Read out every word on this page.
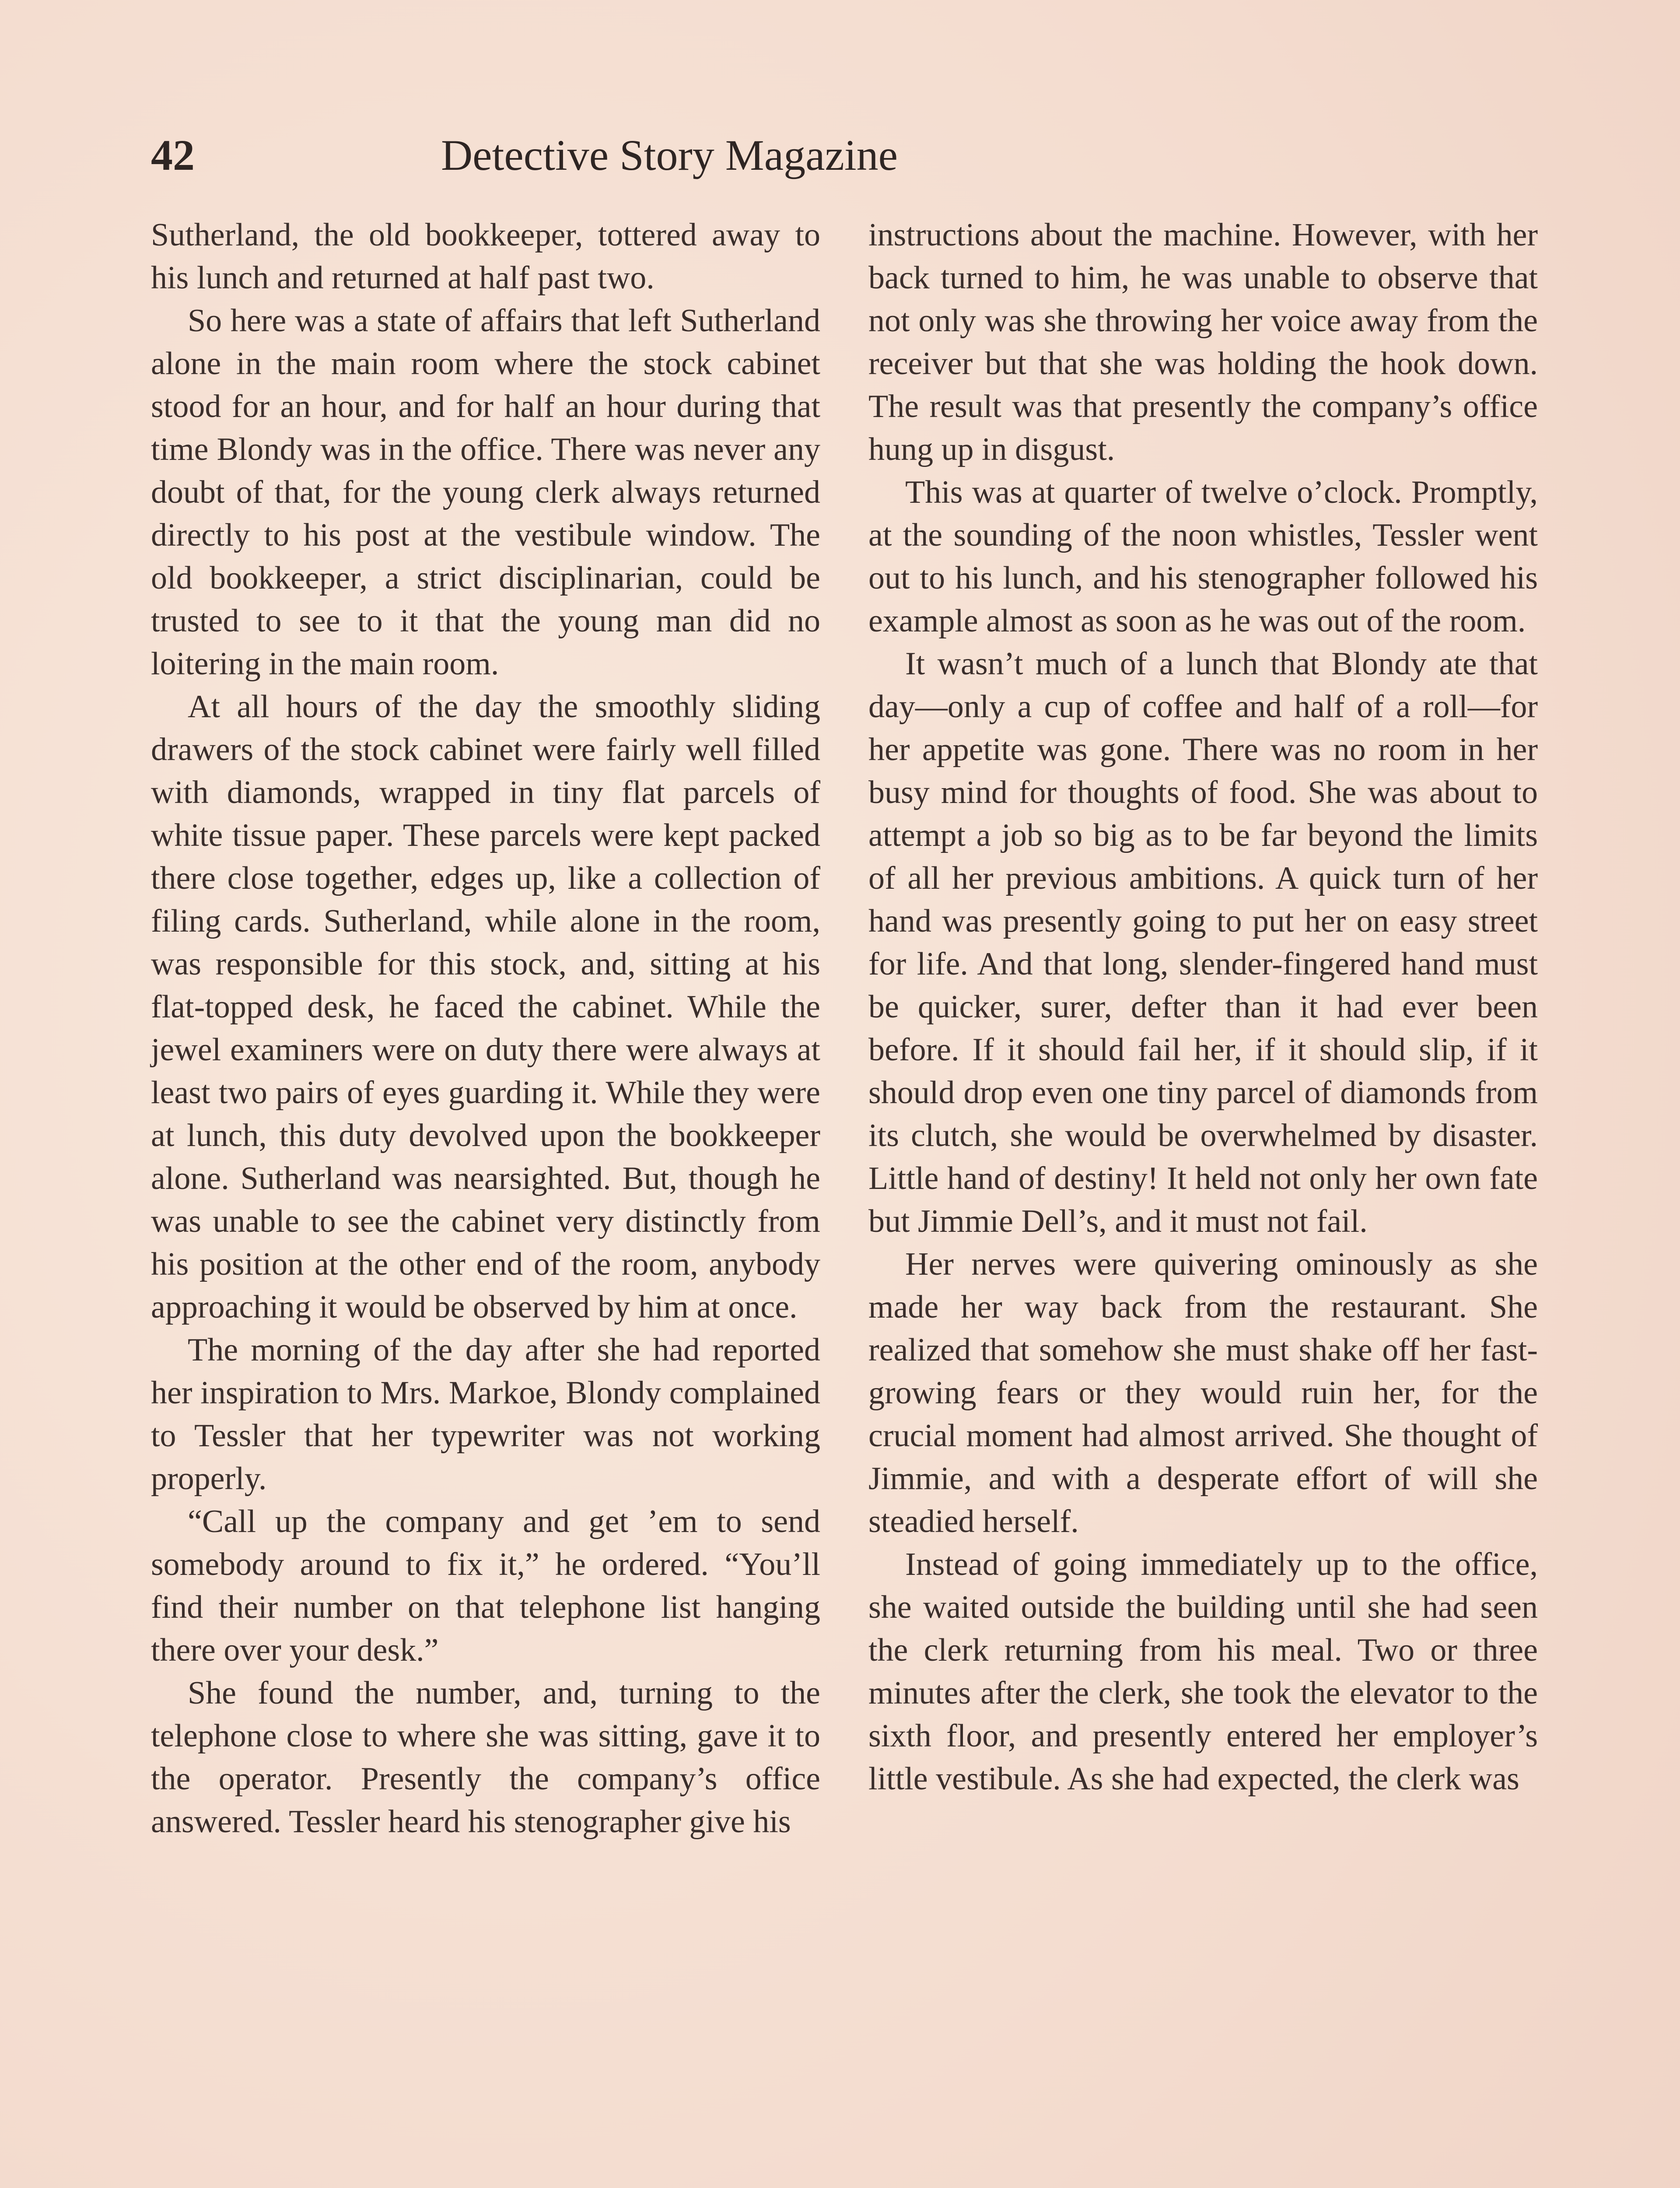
42	Detective Story Magazine

Sutherland, the old bookkeeper, tottered away to his lunch and returned at half past two.

So here was a state of affairs that left Sutherland alone in the main room where the stock cabinet stood for an hour, and for half an hour during that time Blondy was in the office. There was never any doubt of that, for the young clerk always returned directly to his post at the vestibule window. The old bookkeeper, a strict disciplinarian, could be trusted to see to it that the young man did no loitering in the main room.

At all hours of the day the smoothly sliding drawers of the stock cabinet were fairly well filled with diamonds, wrapped in tiny flat parcels of white tissue paper. These parcels were kept packed there close together, edges up, like a collection of filing cards. Sutherland, while alone in the room, was responsible for this stock, and, sitting at his flat-topped desk, he faced the cabinet. While the jewel examiners were on duty there were always at least two pairs of eyes guarding it. While they were at lunch, this duty devolved upon the bookkeeper alone. Sutherland was nearsighted. But, though he was unable to see the cabinet very distinctly from his position at the other end of the room, anybody approaching it would be observed by him at once.

The morning of the day after she had reported her inspiration to Mrs. Markoe, Blondy complained to Tessler that her typewriter was not working properly.

“Call up the company and get ’em to send somebody around to fix it,” he ordered. “You’ll find their number on that telephone list hanging there over your desk.”

She found the number, and, turning to the telephone close to where she was sitting, gave it to the operator. Presently the company’s office answered. Tessler heard his stenographer give his

instructions about the machine. However, with her back turned to him, he was unable to observe that not only was she throwing her voice away from the receiver but that she was holding the hook down. The result was that presently the company’s office hung up in disgust.

This was at quarter of twelve o’clock. Promptly, at the sounding of the noon whistles, Tessler went out to his lunch, and his stenographer followed his example almost as soon as he was out of the room.

It wasn’t much of a lunch that Blondy ate that day—only a cup of coffee and half of a roll—for her appetite was gone. There was no room in her busy mind for thoughts of food. She was about to attempt a job so big as to be far beyond the limits of all her previous ambitions. A quick turn of her hand was presently going to put her on easy street for life. And that long, slender-fingered hand must be quicker, surer, defter than it had ever been before. If it should fail her, if it should slip, if it should drop even one tiny parcel of diamonds from its clutch, she would be overwhelmed by disaster. Little hand of destiny! It held not only her own fate but Jimmie Dell’s, and it must not fail.

Her nerves were quivering ominously as she made her way back from the restaurant. She realized that somehow she must shake off her fast-growing fears or they would ruin her, for the crucial moment had almost arrived. She thought of Jimmie, and with a desperate effort of will she steadied herself.

Instead of going immediately up to the office, she waited outside the building until she had seen the clerk returning from his meal. Two or three minutes after the clerk, she took the elevator to the sixth floor, and presently entered her employer’s little vestibule. As she had expected, the clerk was
